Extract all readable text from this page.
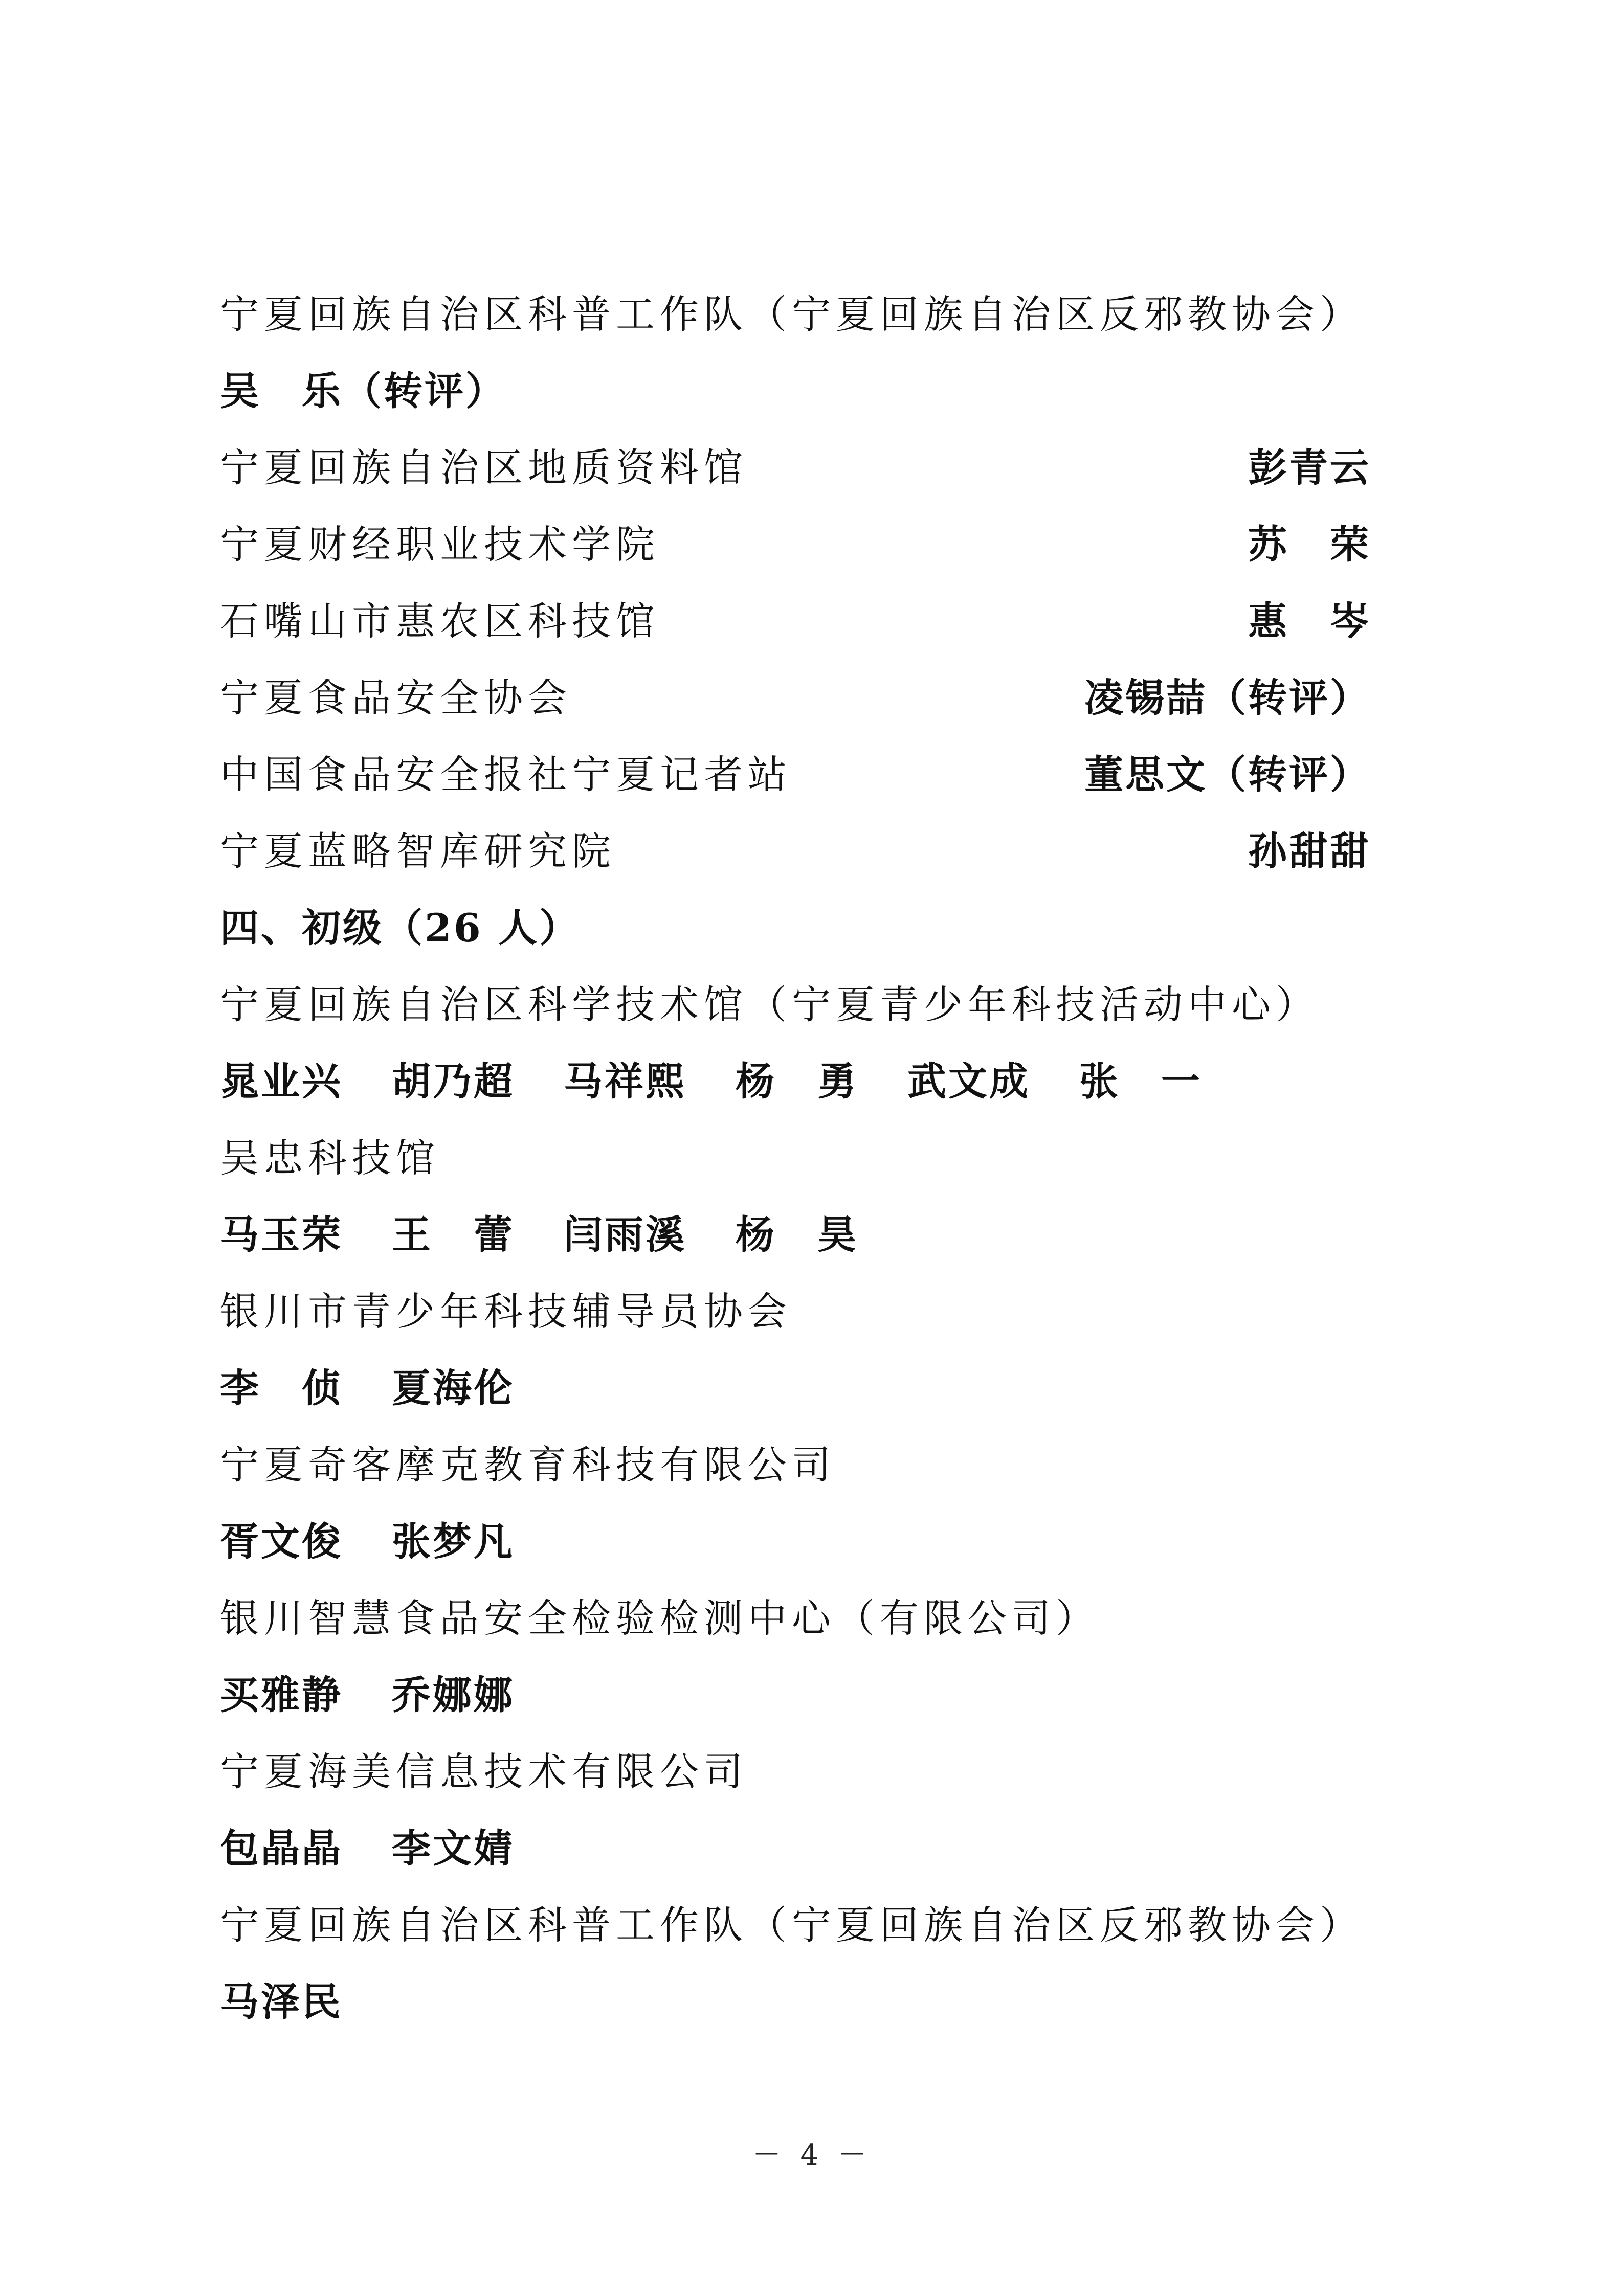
宁夏回族自治区科普工作队（宁夏回族自治区反邪教协会）
吴　乐（转评）
宁夏回族自治区地质资料馆	彭青云
宁夏财经职业技术学院	苏　荣
石嘴山市惠农区科技馆	惠　岑
宁夏食品安全协会	凌锡喆（转评）
中国食品安全报社宁夏记者站	董思文（转评）
宁夏蓝略智库研究院	孙甜甜
四、初级（26 人）
宁夏回族自治区科学技术馆（宁夏青少年科技活动中心）
晁业兴 胡乃超 马祥熙 杨　勇 武文成 张　一
吴忠科技馆
马玉荣 王　蕾 闫雨溪 杨　昊
银川市青少年科技辅导员协会
李　侦 夏海伦
宁夏奇客摩克教育科技有限公司
胥文俊 张梦凡
银川智慧食品安全检验检测中心（有限公司）
买雅静 乔娜娜
宁夏海美信息技术有限公司
包晶晶 李文婧
宁夏回族自治区科普工作队（宁夏回族自治区反邪教协会）
马泽民
－ 4 －
